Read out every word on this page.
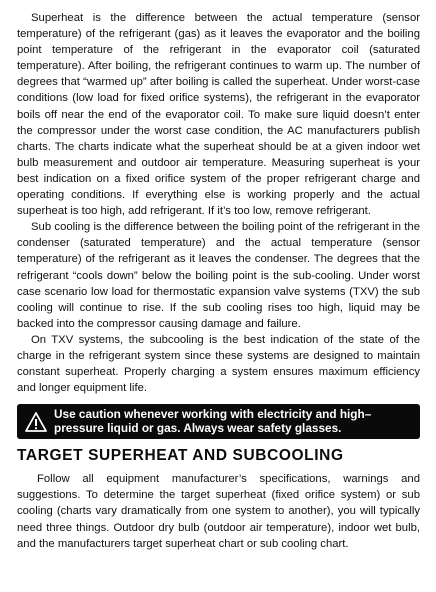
Superheat is the difference between the actual temperature (sensor temperature) of the refrigerant (gas) as it leaves the evaporator and the boiling point temperature of the refrigerant in the evaporator coil (saturated temperature). After boiling, the refrigerant continues to warm up. The number of degrees that “warmed up” after boiling is called the superheat. Under worst-case conditions (low load for fixed orifice systems), the refrigerant in the evaporator boils off near the end of the evaporator coil. To make sure liquid doesn’t enter the compressor under the worst case condition, the AC manufacturers publish charts. The charts indicate what the superheat should be at a given indoor wet bulb measurement and outdoor air temperature. Measuring superheat is your best indication on a fixed orifice system of the proper refrigerant charge and operating conditions. If everything else is working properly and the actual superheat is too high, add refrigerant. If it’s too low, remove refrigerant.

Sub cooling is the difference between the boiling point of the refrigerant in the condenser (saturated temperature) and the actual temperature (sensor temperature) of the refrigerant as it leaves the condenser. The degrees that the refrigerant “cools down” below the boiling point is the sub-cooling. Under worst case scenario low load for thermostatic expansion valve systems (TXV) the sub cooling will continue to rise. If the sub cooling rises too high, liquid may be backed into the compressor causing damage and failure.

On TXV systems, the subcooling is the best indication of the state of the charge in the refrigerant system since these systems are designed to maintain constant superheat. Properly charging a system ensures maximum efficiency and longer equipment life.

Use caution whenever working with electricity and high–pressure liquid or gas. Always wear safety glasses.
TARGET SUPERHEAT AND SUBCOOLING

Follow all equipment manufacturer’s specifications, warnings and suggestions. To determine the target superheat (fixed orifice system) or sub cooling (charts vary dramatically from one system to another), you will typically need three things. Outdoor dry bulb (outdoor air temperature), indoor wet bulb, and the manufacturers target superheat chart or sub cooling chart.
